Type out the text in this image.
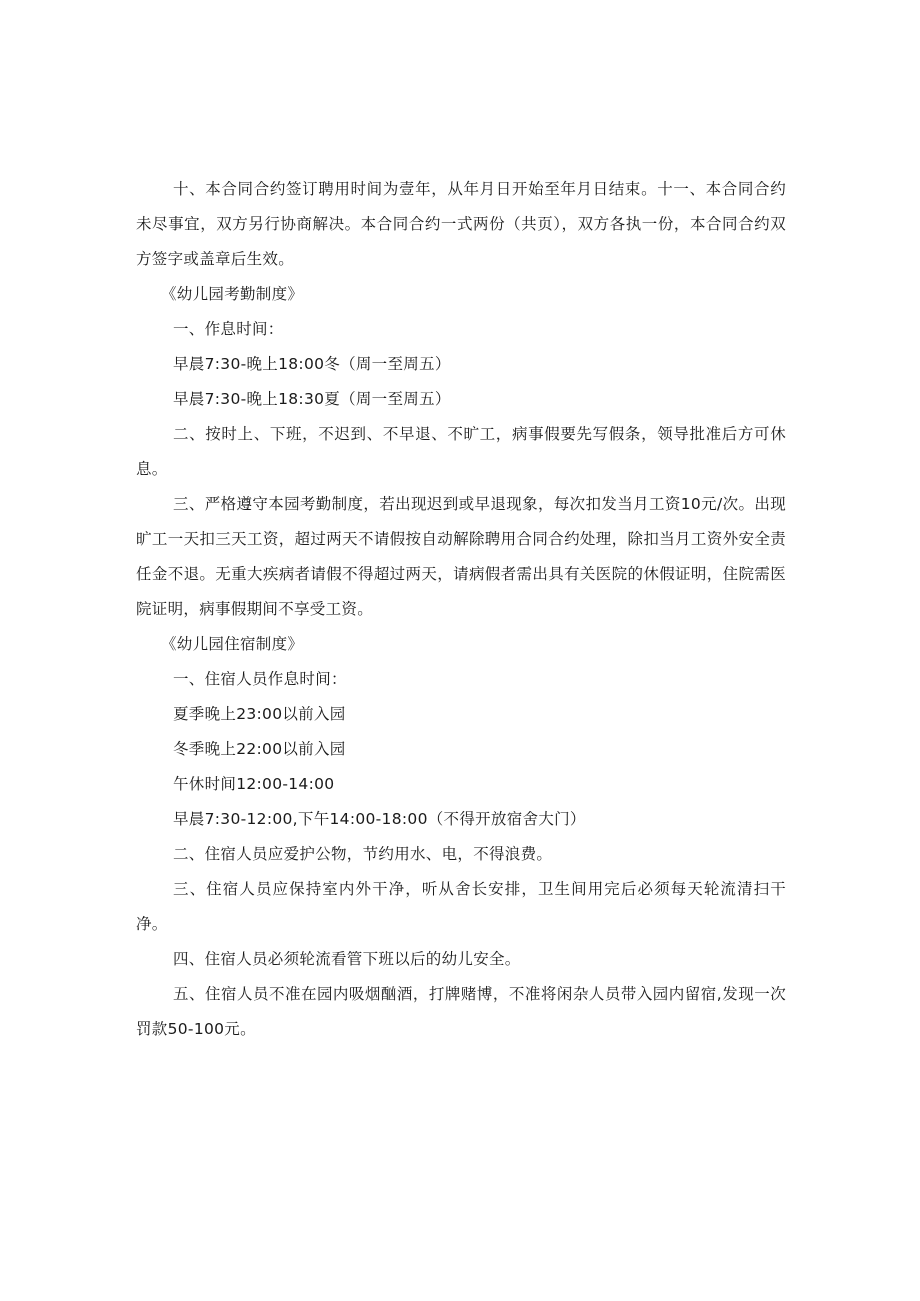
十、本合同合约签订聘用时间为壹年，从年月日开始至年月日结束。十一、本合同合约未尽事宜，双方另行协商解决。本合同合约一式两份（共页），双方各执一份，本合同合约双方签字或盖章后生效。

《幼儿园考勤制度》

一、作息时间：

早晨7:30-晚上18:00冬（周一至周五）

早晨7:30-晚上18:30夏（周一至周五）

二、按时上、下班，不迟到、不早退、不旷工，病事假要先写假条，领导批准后方可休息。

三、严格遵守本园考勤制度，若出现迟到或早退现象，每次扣发当月工资10元/次。出现旷工一天扣三天工资，超过两天不请假按自动解除聘用合同合约处理，除扣当月工资外安全责任金不退。无重大疾病者请假不得超过两天，请病假者需出具有关医院的休假证明，住院需医院证明，病事假期间不享受工资。

《幼儿园住宿制度》

一、住宿人员作息时间：

夏季晚上23:00以前入园

冬季晚上22:00以前入园

午休时间12:00-14:00

早晨7:30-12:00,下午14:00-18:00（不得开放宿舍大门）

二、住宿人员应爱护公物，节约用水、电，不得浪费。

三、住宿人员应保持室内外干净，听从舍长安排，卫生间用完后必须每天轮流清扫干净。

四、住宿人员必须轮流看管下班以后的幼儿安全。

五、住宿人员不准在园内吸烟酗酒，打牌赌博，不准将闲杂人员带入园内留宿,发现一次罚款50-100元。
